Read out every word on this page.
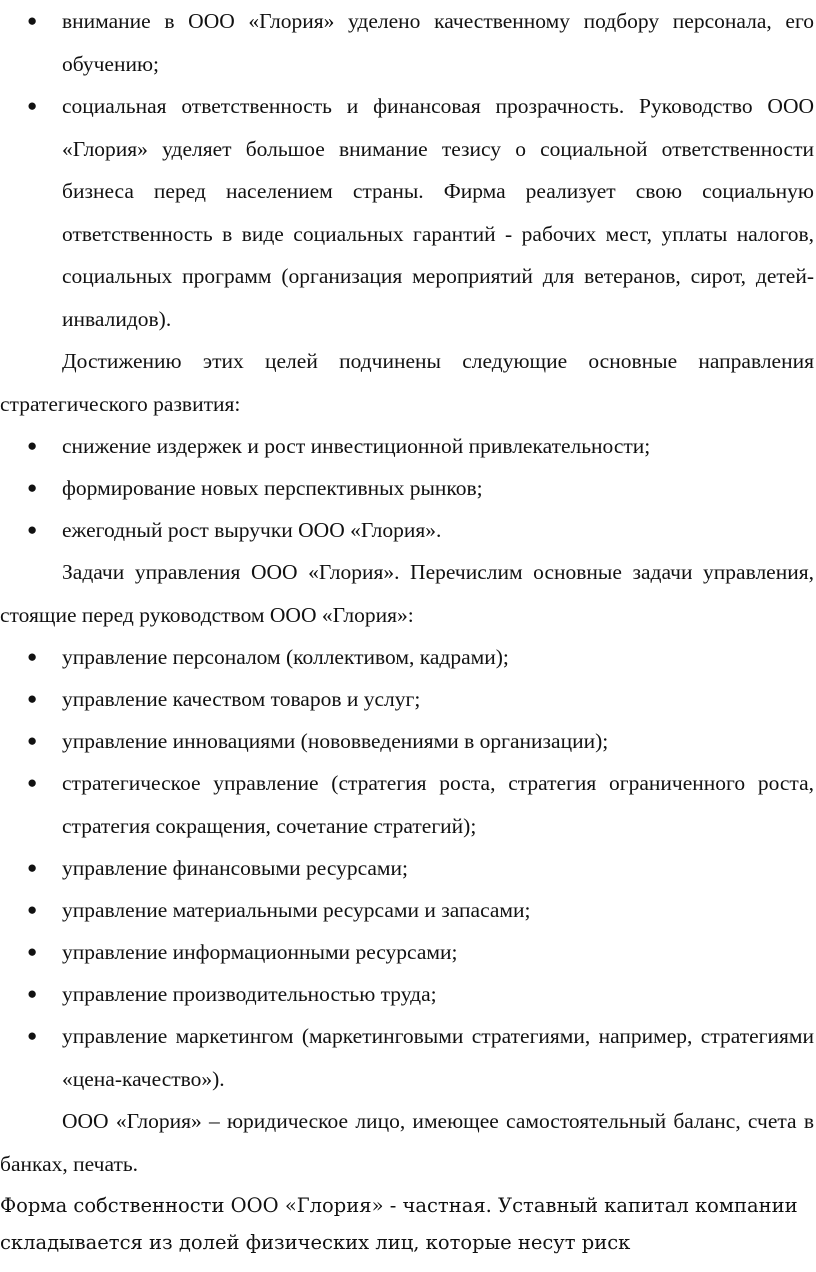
● внимание в ООО «Глория» уделено качественному подбору персонала, его обучению;
● социальная ответственность и финансовая прозрачность. Руководство ООО «Глория» уделяет большое внимание тезису о социальной ответственности бизнеса перед населением страны. Фирма реализует свою социальную ответственность в виде социальных гарантий - рабочих мест, уплаты налогов, социальных программ (организация мероприятий для ветеранов, сирот, детей-инвалидов).
Достижению этих целей подчинены следующие основные направления стратегического развития:
● снижение издержек и рост инвестиционной привлекательности;
● формирование новых перспективных рынков;
● ежегодный рост выручки ООО «Глория».
Задачи управления ООО «Глория». Перечислим основные задачи управления, стоящие перед руководством ООО «Глория»:
● управление персоналом (коллективом, кадрами);
● управление качеством товаров и услуг;
● управление инновациями (нововведениями в организации);
● стратегическое управление (стратегия роста, стратегия ограниченного роста, стратегия сокращения, сочетание стратегий);
● управление финансовыми ресурсами;
● управление материальными ресурсами и запасами;
● управление информационными ресурсами;
● управление производительностью труда;
● управление маркетингом (маркетинговыми стратегиями, например, стратегиями «цена-качество»).
ООО «Глория» – юридическое лицо, имеющее самостоятельный баланс, счета в банках, печать.
Форма собственности ООО «Глория» - частная. Уставный капитал компании складывается из долей физических лиц, которые несут риск
